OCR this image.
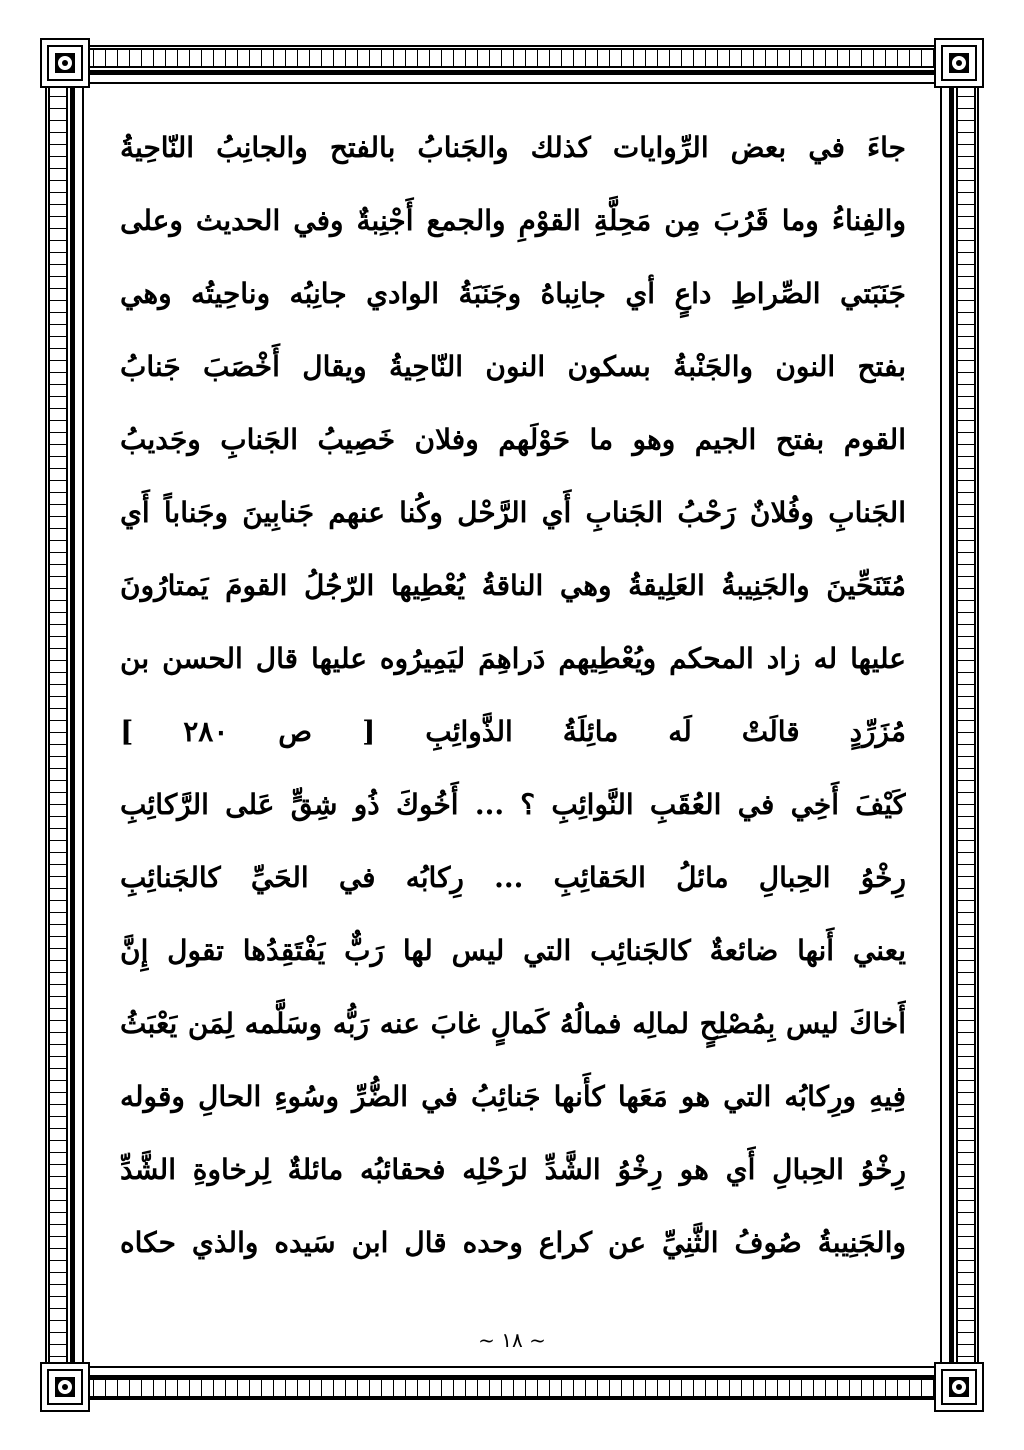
جاءَ في بعض الرِّوايات كذلك والجَنابُ بالفتح والجانِبُ النّاحِيةُ
والفِناءُ وما قَرُبَ مِن مَحِلَّةِ القوْمِ والجمع أَجْنِبةٌ وفي الحديث وعلى
جَنَبَتي الصِّراطِ داعٍ أي جانِباهُ وجَنَبَةُ الوادي جانِبُه وناحِيتُه وهي
بفتح النون والجَنْبةُ بسكون النون النّاحِيةُ ويقال أَخْصَبَ جَنابُ
القوم بفتح الجيم وهو ما حَوْلَهم وفلان خَصِيبُ الجَنابِ وجَديبُ
الجَنابِ وفُلانٌ رَحْبُ الجَنابِ أَي الرَّحْل وكُنا عنهم جَنابِينَ وجَناباً أَي
مُتَنَحِّينَ والجَنِيبةُ العَلِيقةُ وهي الناقةُ يُعْطِيها الرّجُلُ القومَ يَمتارُونَ
عليها له زاد المحكم ويُعْطِيهم دَراهِمَ ليَمِيرُوه عليها قال الحسن بن
مُزَرِّدٍ
قالَتْ
لَه
مائِلَةُ
الذَّوائِبِ
[
ص
٢٨٠
]
كَيْفَ أَخِي في العُقَبِ النَّوائِبِ ؟ ... أَخُوكَ ذُو شِقٍّ عَلى الرَّكائِبِ
رِخْوُ الحِبالِ مائلُ الحَقائِبِ ... رِكابُه في الحَيِّ كالجَنائِبِ
يعني أَنها ضائعةٌ كالجَنائِب التي ليس لها رَبٌّ يَفْتَقِدُها تقول إِنَّ
أَخاكَ ليس بِمُصْلِحٍ لمالِه فمالُهُ كَمالٍ غابَ عنه رَبُّه وسَلَّمه لِمَن يَعْبَثُ
فِيهِ ورِكابُه التي هو مَعَها كأَنها جَنائِبُ في الضُّرِّ وسُوءِ الحالِ وقوله
رِخْوُ الحِبالِ أَي هو رِخْوُ الشَّدِّ لرَحْلِه فحقائبُه مائلةٌ لِرخاوةِ الشَّدِّ
والجَنِيبةُ صُوفُ الثَّنِيِّ عن كراع وحده قال ابن سَيده والذي حكاه
~ ١٨ ~
